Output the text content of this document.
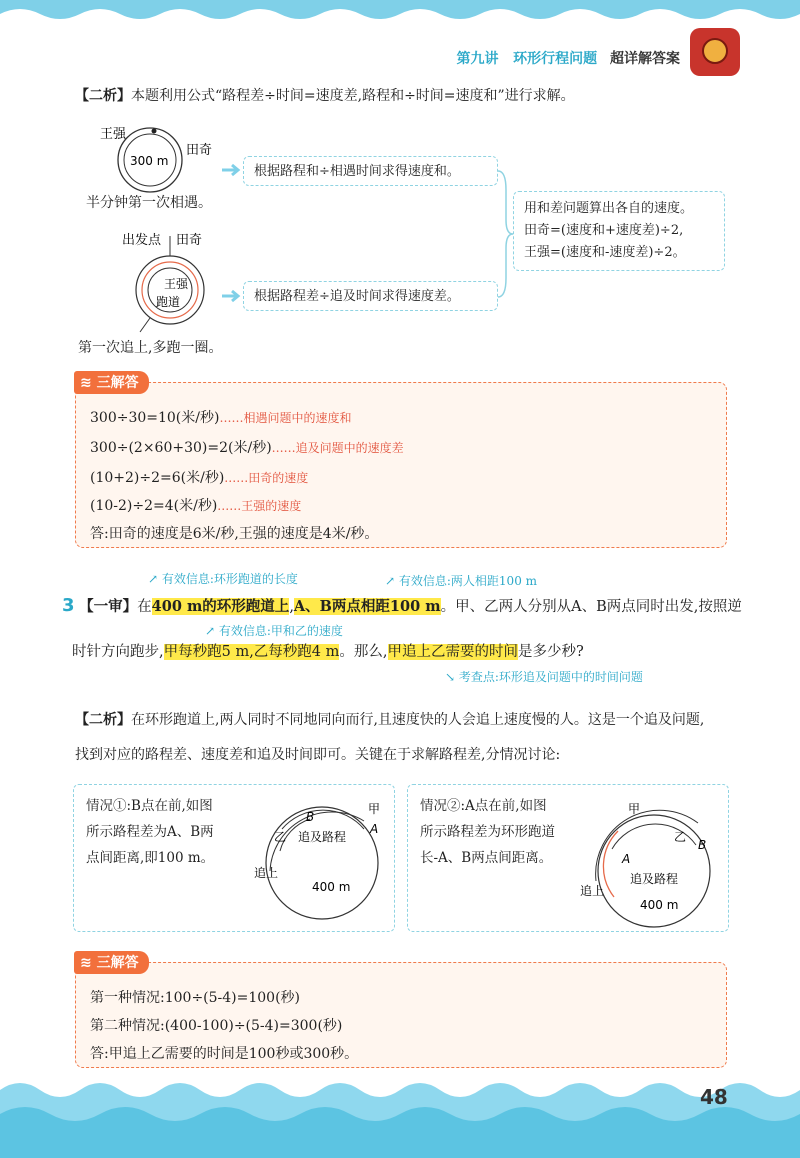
第九讲 环形行程问题 超详解答案
【二析】本题利用公式“路程差÷时间=速度差,路程和÷时间=速度和”进行求解。
王强
田奇
300 m
半分钟第一次相遇。
出发点 田奇
王强
跑道
第一次追上,多跑一圈。
根据路程和÷相遇时间求得速度和。
根据路程差÷追及时间求得速度差。
用和差问题算出各自的速度。
田奇=(速度和+速度差)÷2,
王强=(速度和-速度差)÷2。
≋ 三解答
300÷30=10(米/秒)……相遇问题中的速度和
300÷(2×60+30)=2(米/秒)……追及问题中的速度差
(10+2)÷2=6(米/秒)……田奇的速度
(10-2)÷2=4(米/秒)……王强的速度
答:田奇的速度是6米/秒,王强的速度是4米/秒。
↗ 有效信息:环形跑道的长度	↗ 有效信息:两人相距100 m
↗ 有效信息:甲和乙的速度
↘ 考查点:环形追及问题中的时间问题
3 【一审】在400 m的环形跑道上,A、B两点相距100 m。甲、乙两人分别从A、B两点同时出发,按照逆
时针方向跑步,甲每秒跑5 m,乙每秒跑4 m。那么,甲追上乙需要的时间是多少秒?
【二析】在环形跑道上,两人同时不同地同向而行,且速度快的人会追上速度慢的人。这是一个追及问题,
找到对应的路程差、速度差和追及时间即可。关键在于求解路程差,分情况讨论:
情况①:B点在前,如图
所示路程差为A、B两
点间距离,即100 m。
甲
乙
B
A
追及路程
追上
400 m
情况②:A点在前,如图
所示路程差为环形跑道
长-A、B两点间距离。
甲
乙
B
A
追及路程
追上
400 m
≋ 三解答
第一种情况:100÷(5-4)=100(秒)
第二种情况:(400-100)÷(5-4)=300(秒)
答:甲追上乙需要的时间是100秒或300秒。
48
